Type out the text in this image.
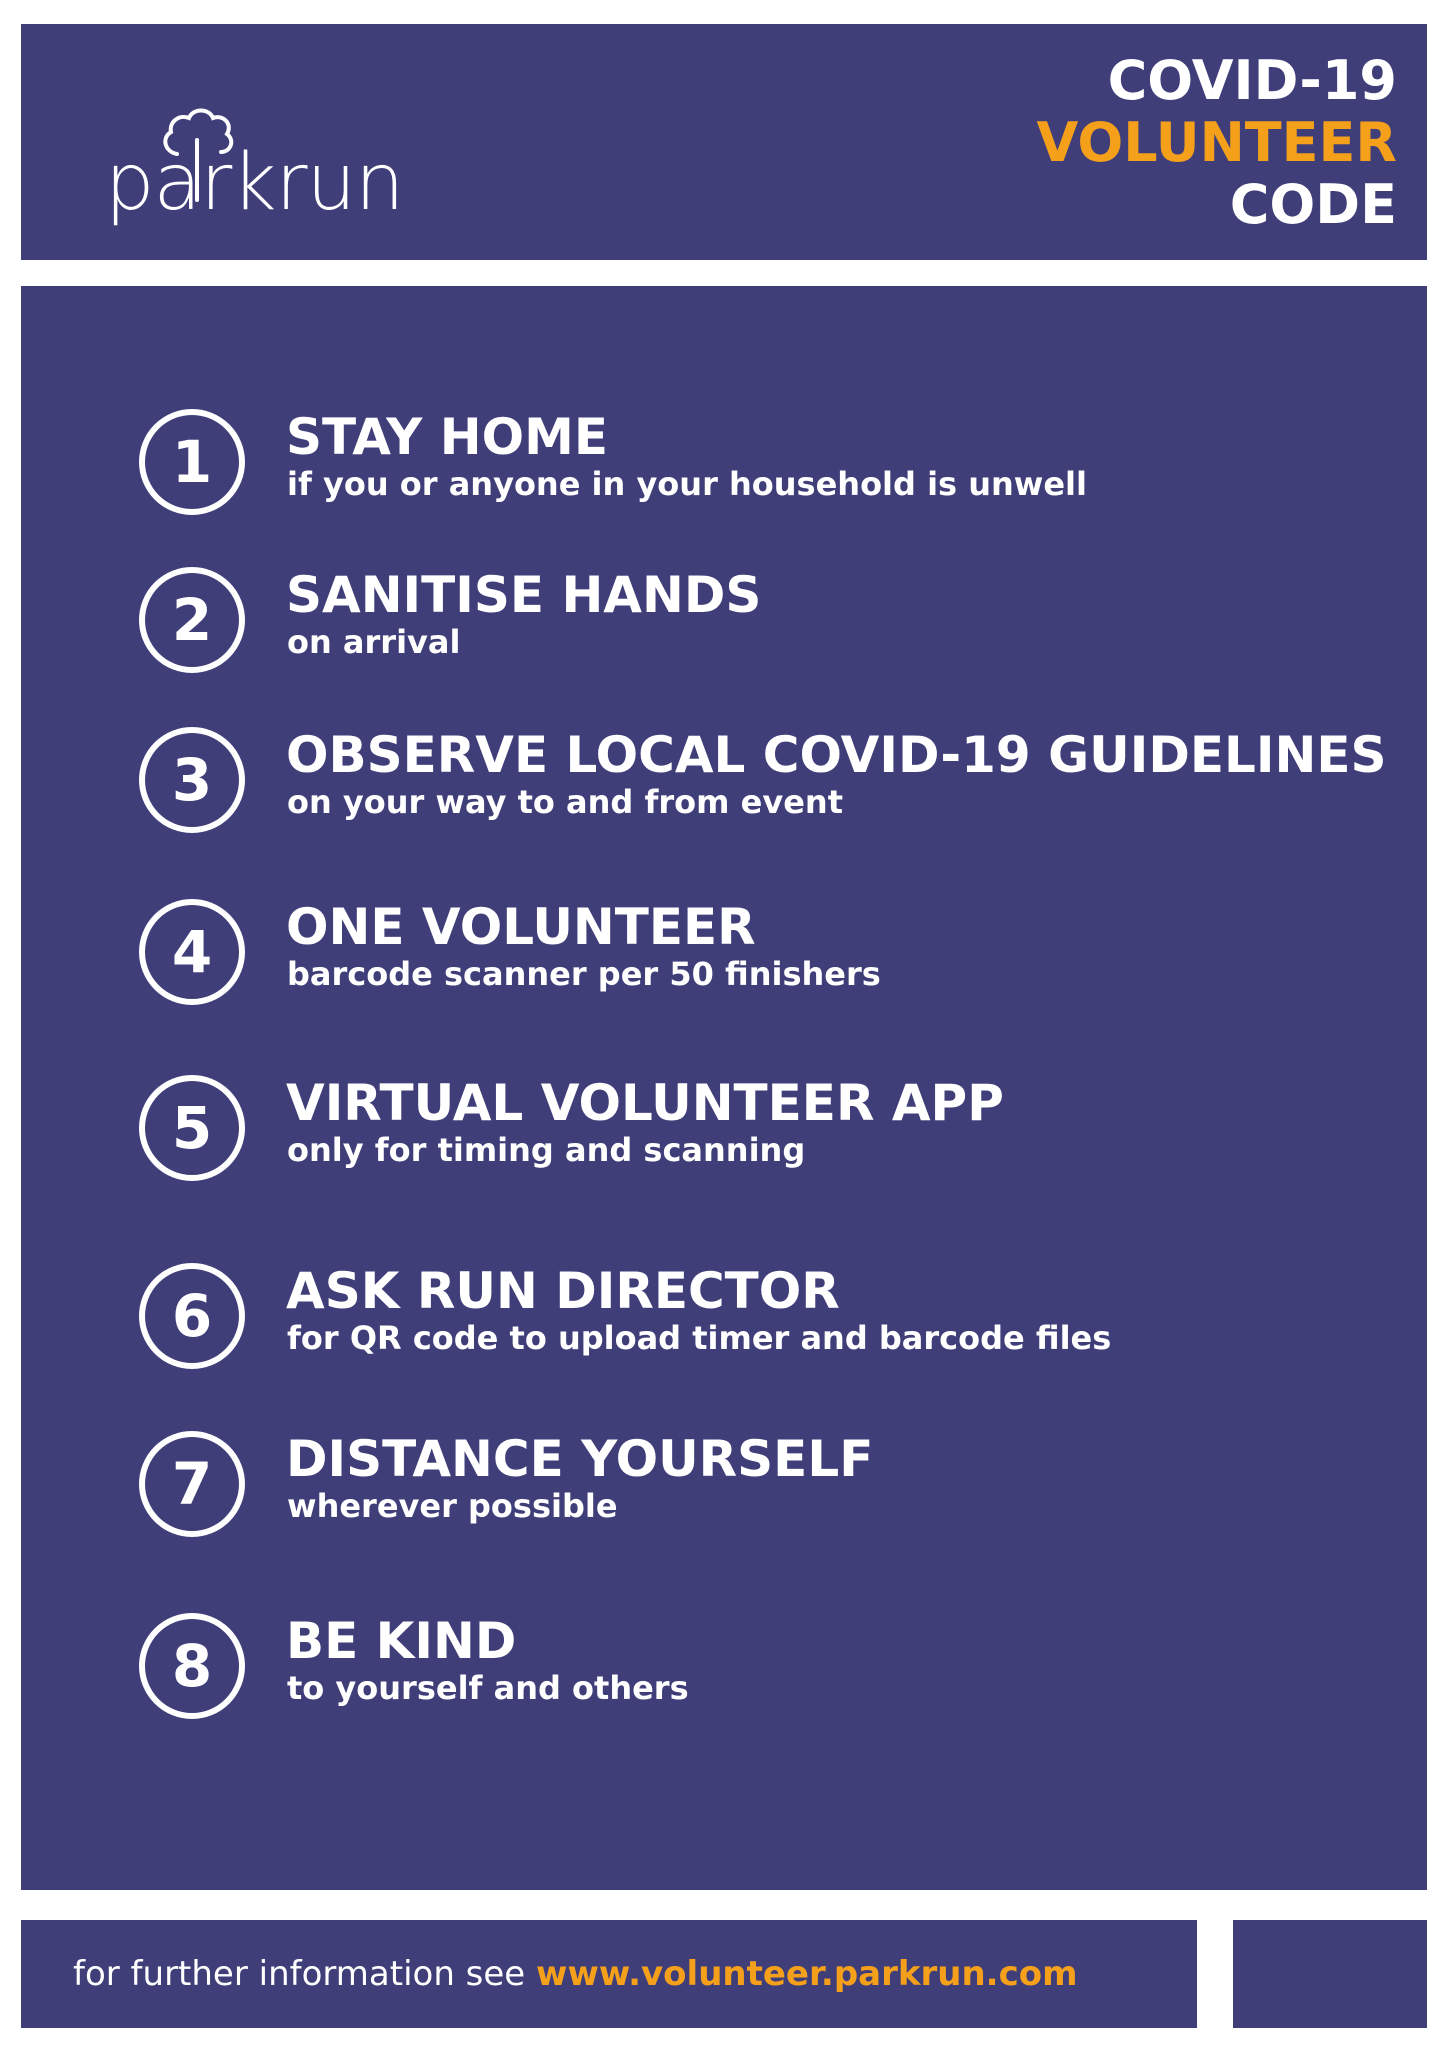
parkrun
COVID-19
VOLUNTEER
CODE
1	STAY HOME
if you or anyone in your household is unwell
2	SANITISE HANDS
on arrival
3	OBSERVE LOCAL COVID-19 GUIDELINES
on your way to and from event
4	ONE VOLUNTEER
barcode scanner per 50 finishers
5	VIRTUAL VOLUNTEER APP
only for timing and scanning
6	ASK RUN DIRECTOR
for QR code to upload timer and barcode files
7	DISTANCE YOURSELF
wherever possible
8	BE KIND
to yourself and others
for further information see www.volunteer.parkrun.com
